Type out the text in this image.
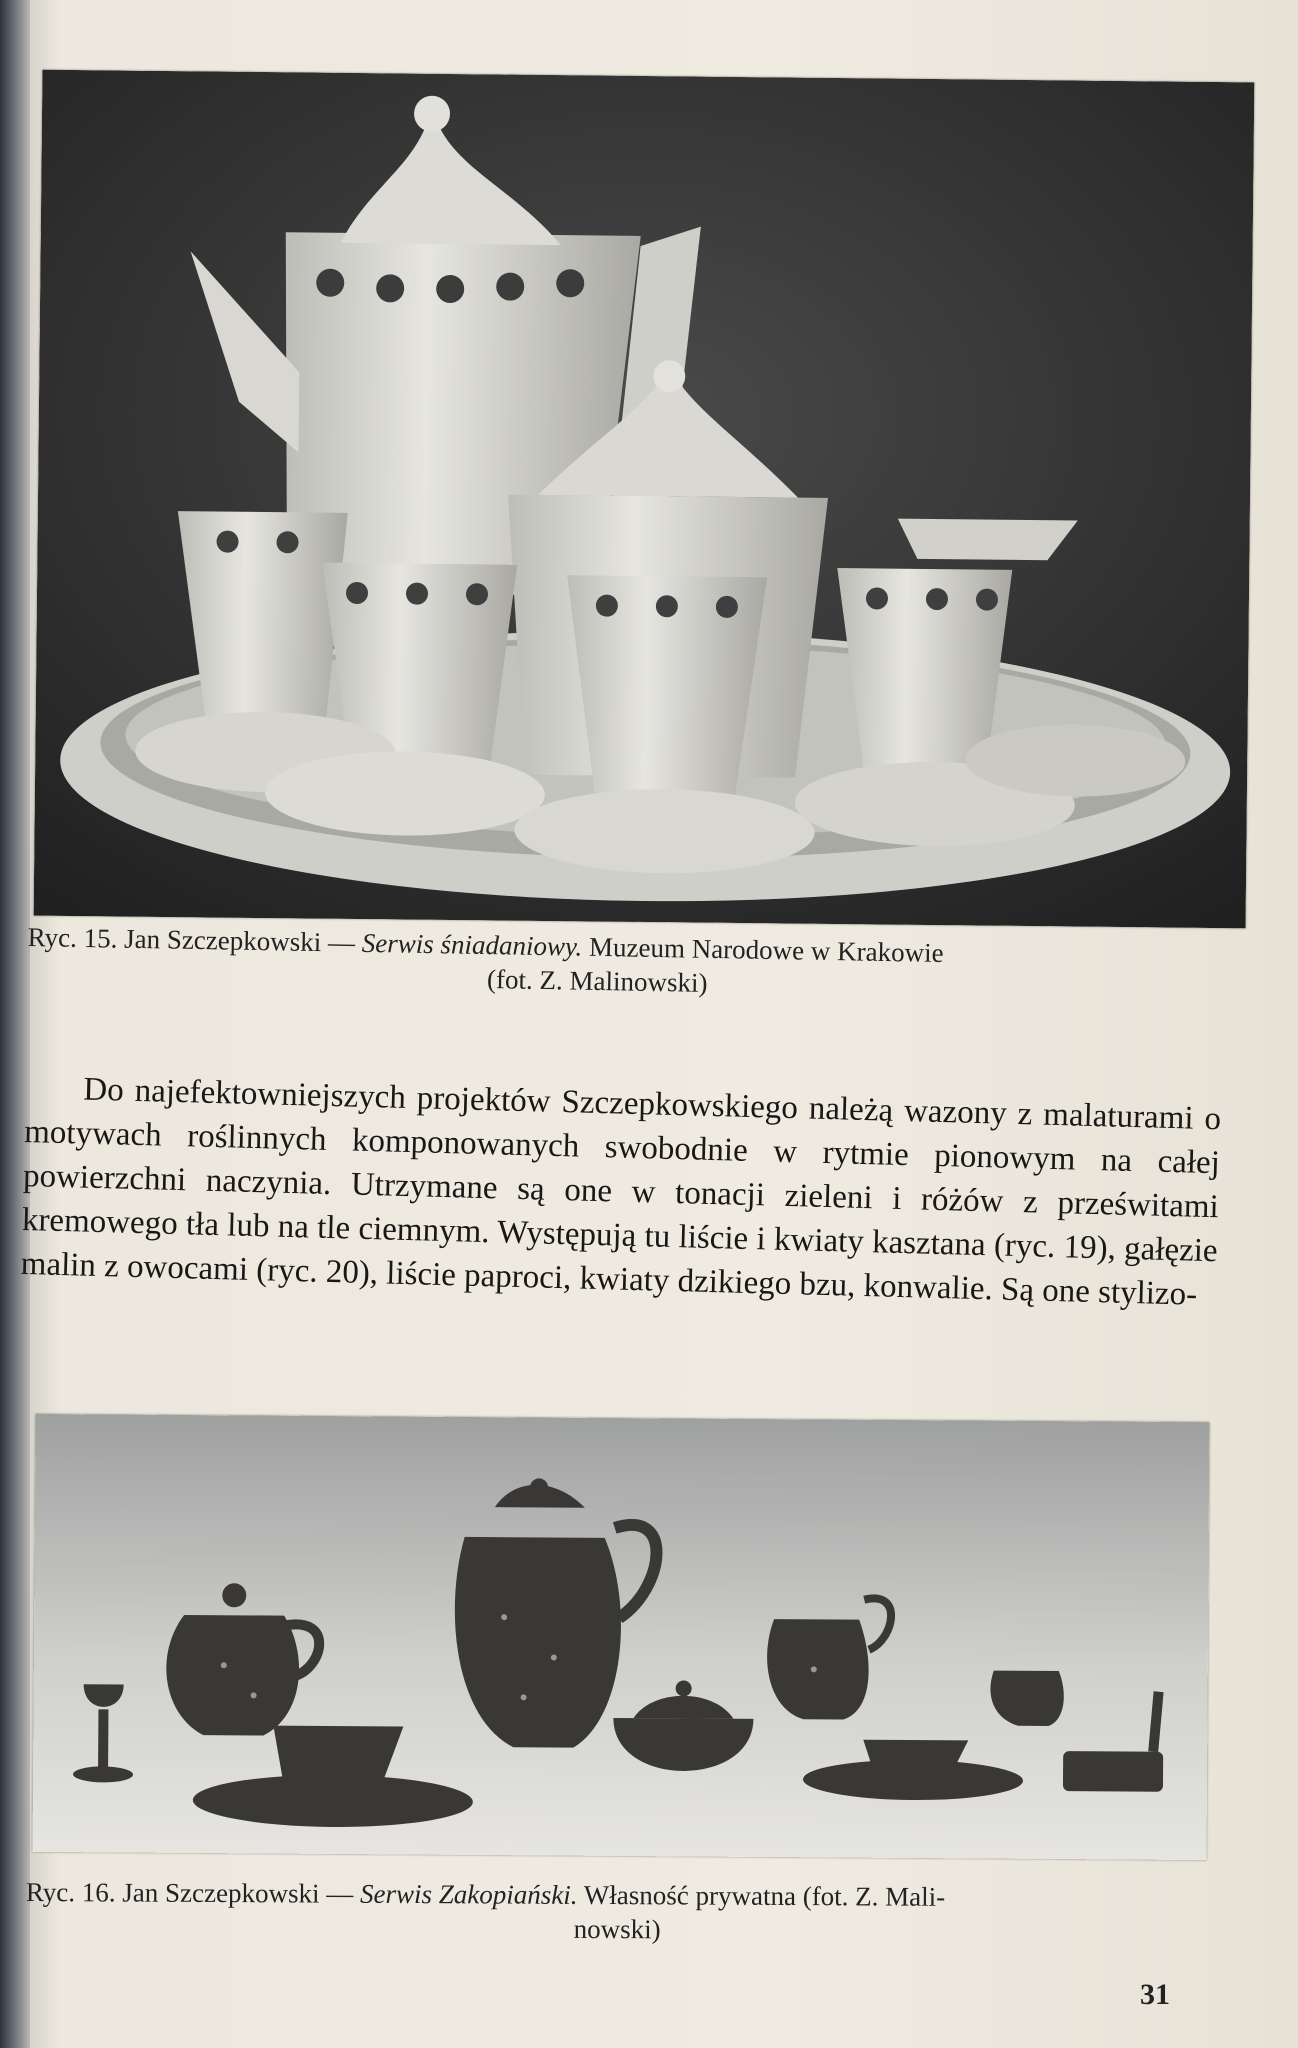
Ryc. 15. Jan Szczepkowski — Serwis śniadaniowy. Muzeum Narodowe w Krakowie
(fot. Z. Malinowski)

Do najefektowniejszych projektów Szczepkowskiego należą wazony z malaturami o motywach roślinnych komponowanych swobodnie w rytmie pionowym na całej powierzchni naczynia. Utrzymane są one w tonacji zieleni i różów z prześwitami kremowego tła lub na tle ciemnym. Występują tu liście i kwiaty kasztana (ryc. 19), gałęzie malin z owocami (ryc. 20), liście paproci, kwiaty dzikiego bzu, konwalie. Są one stylizo-

Ryc. 16. Jan Szczepkowski — Serwis Zakopiański. Własność prywatna (fot. Z. Mali-
nowski)
31
